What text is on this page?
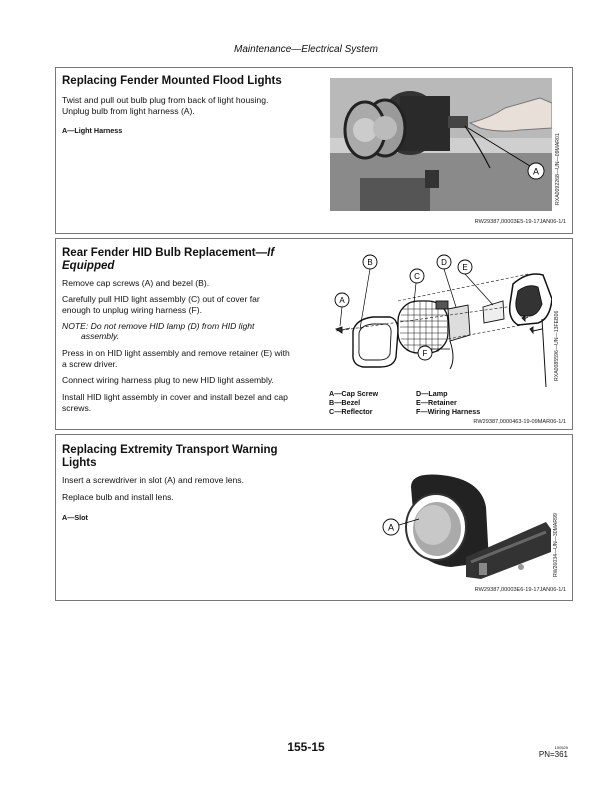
Maintenance—Electrical System
Replacing Fender Mounted Flood Lights
Twist and pull out bulb plug from back of light housing.
Unplug bulb from light harness (A).
A—Light Harness
A	RXA0092268—UN—09MAR01
RW29387,00003E5-19-17JAN06-1/1
Rear Fender HID Bulb Replacement—If
Equipped
Remove cap screws (A) and bezel (B).
Carefully pull HID light assembly (C) out of cover far
enough to unplug wiring harness (F).
NOTE: Do not remove HID lamp (D) from HID light
assembly.
Press in on HID light assembly and remove retainer (E) with
a screw driver.
Connect wiring harness plug to new HID light assembly.
Install HID light assembly in cover and install bezel and cap
screws.
A
B
C
D
E
F	RXA0085596—UN—13FEB06
A—Cap Screw
B—Bezel
C—Reflector
D—Lamp
E—Retainer
F—Wiring Harness
RW29387,0000463-19-09MAR06-1/1
Replacing Extremity Transport Warning
Lights
Insert a screwdriver in slot (A) and remove lens.
Replace bulb and install lens.
A—Slot
A	RW26034—UN—30MAR99
RW29387,00003E6-19-17JAN06-1/1
155-15	100525
PN=361
